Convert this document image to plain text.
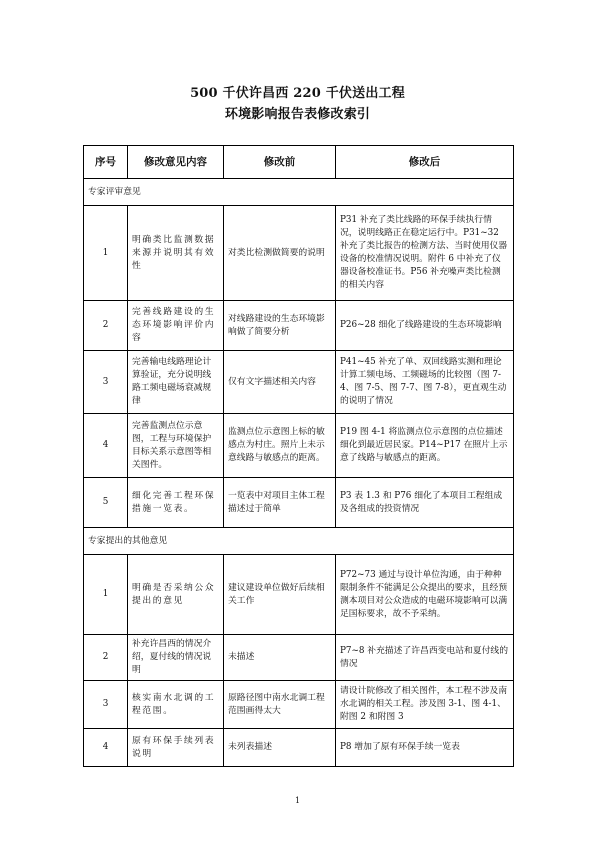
500 千伏许昌西 220 千伏送出工程
环境影响报告表修改索引
序号	修改意见内容	修改前	修改后
专家评审意见			
1	明确类比监测数据来源并说明其有效性	对类比检测做简要的说明	P31 补充了类比线路的环保手续执行情况，说明线路正在稳定运行中。P31~32 补充了类比报告的检测方法、当时使用仪器设备的校准情况说明。附件 6 中补充了仪器设备校准证书。P56 补充噪声类比检测的相关内容
2	完善线路建设的生态环境影响评价内容	对线路建设的生态环境影响做了简要分析	P26~28 细化了线路建设的生态环境影响
3	完善输电线路理论计算验证，充分说明线路工频电磁场衰减规律	仅有文字描述相关内容	P41~45 补充了单、双回线路实测和理论计算工频电场、工频磁场的比较图（图 7-4、图 7-5、图 7-7、图 7-8），更直观生动的说明了情况
4	完善监测点位示意图，工程与环境保护目标关系示意图等相关图件。	监测点位示意图上标的敏感点为村庄。照片上未示意线路与敏感点的距离。	P19 图 4-1 将监测点位示意图的点位描述细化到最近居民家。P14~P17 在照片上示意了线路与敏感点的距离。
5	细化完善工程环保措施一览表。	一览表中对项目主体工程描述过于简单	P3 表 1.3 和 P76 细化了本项目工程组成及各组成的投资情况
专家提出的其他意见			
1	明确是否采纳公众提出的意见	建议建设单位做好后续相关工作	P72~73 通过与设计单位沟通，由于种种限制条件不能满足公众提出的要求，且经预测本项目对公众造成的电磁环境影响可以满足国标要求，故不予采纳。
2	补充许昌西的情况介绍，夏付线的情况说明	未描述	P7~8 补充描述了许昌西变电站和夏付线的情况
3	核实南水北调的工程范围。	原路径图中南水北调工程范围画得太大	请设计院修改了相关图件，本工程不涉及南水北调的相关工程。涉及图 3-1、图 4-1、附图 2 和附图 3
4	原有环保手续列表说明	未列表描述	P8 增加了原有环保手续一览表
1
